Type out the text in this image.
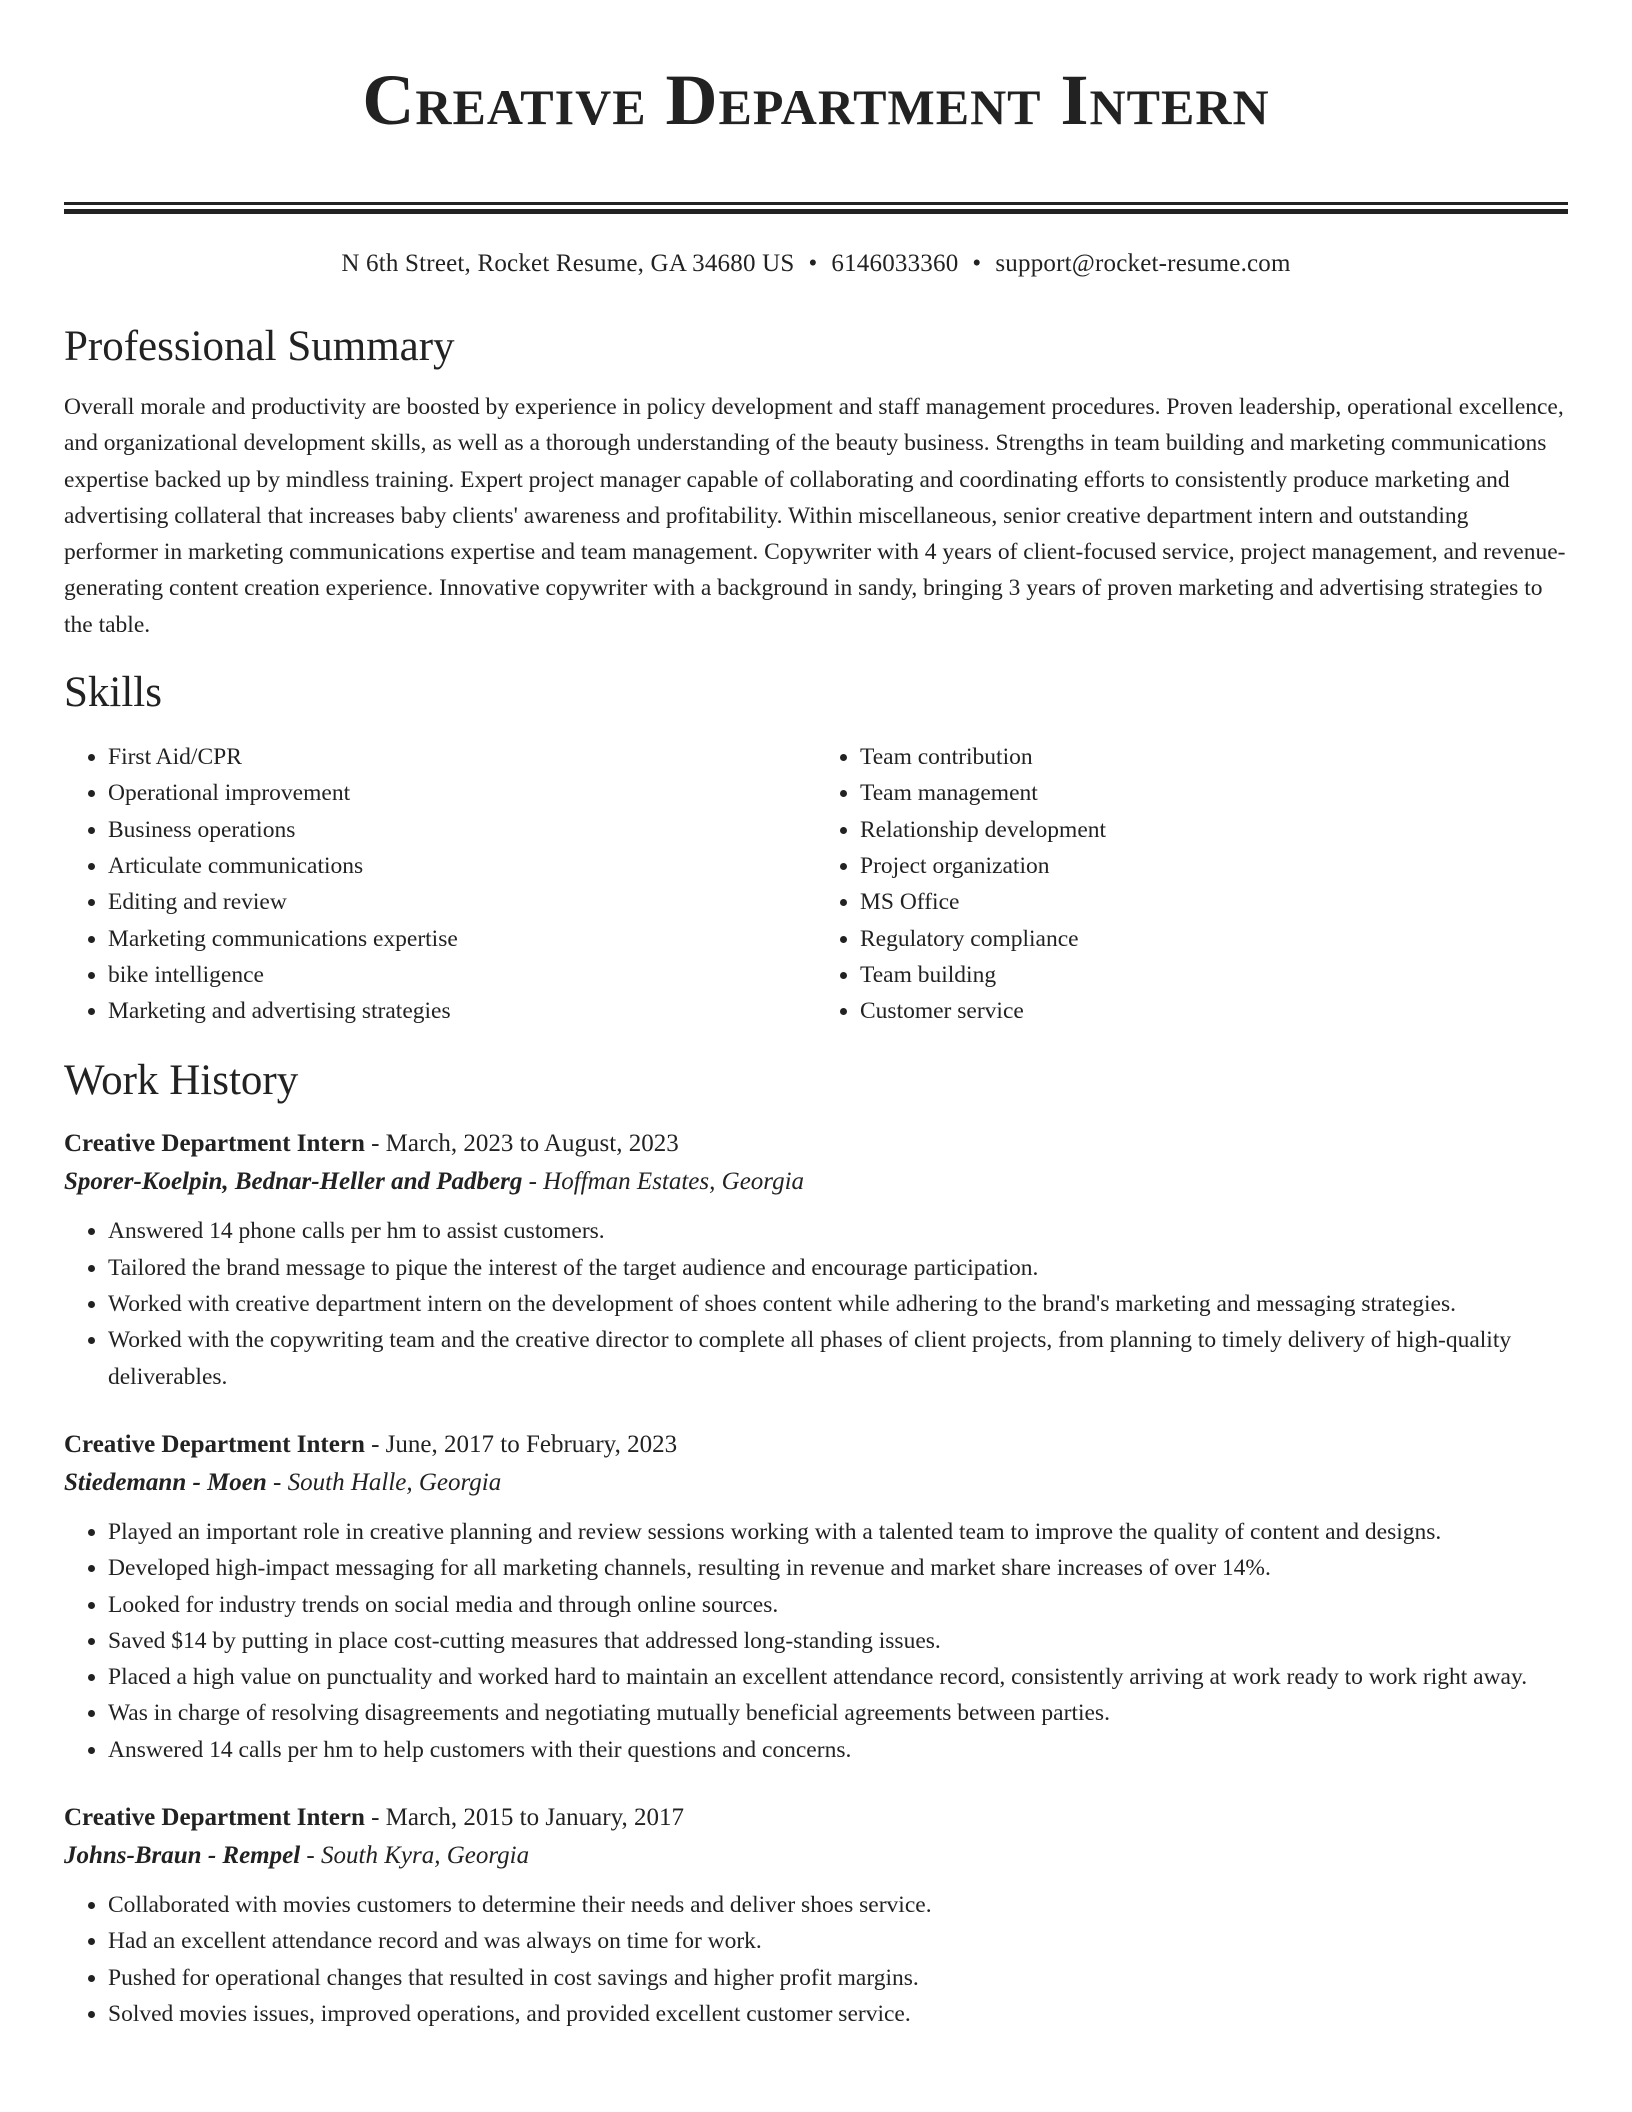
Creative Department Intern
N 6th Street, Rocket Resume, GA 34680 US • 6146033360 • support@rocket-resume.com
Professional Summary
Overall morale and productivity are boosted by experience in policy development and staff management procedures. Proven leadership, operational excellence, and organizational development skills, as well as a thorough understanding of the beauty business. Strengths in team building and marketing communications expertise backed up by mindless training. Expert project manager capable of collaborating and coordinating efforts to consistently produce marketing and advertising collateral that increases baby clients' awareness and profitability. Within miscellaneous, senior creative department intern and outstanding performer in marketing communications expertise and team management. Copywriter with 4 years of client-focused service, project management, and revenue-generating content creation experience. Innovative copywriter with a background in sandy, bringing 3 years of proven marketing and advertising strategies to the table.
Skills
• First Aid/CPR
• Operational improvement
• Business operations
• Articulate communications
• Editing and review
• Marketing communications expertise
• bike intelligence
• Marketing and advertising strategies
• Team contribution
• Team management
• Relationship development
• Project organization
• MS Office
• Regulatory compliance
• Team building
• Customer service
Work History
Creative Department Intern - March, 2023 to August, 2023
Sporer-Koelpin, Bednar-Heller and Padberg - Hoffman Estates, Georgia
• Answered 14 phone calls per hm to assist customers.
• Tailored the brand message to pique the interest of the target audience and encourage participation.
• Worked with creative department intern on the development of shoes content while adhering to the brand's marketing and messaging strategies.
• Worked with the copywriting team and the creative director to complete all phases of client projects, from planning to timely delivery of high-quality deliverables.
Creative Department Intern - June, 2017 to February, 2023
Stiedemann - Moen - South Halle, Georgia
• Played an important role in creative planning and review sessions working with a talented team to improve the quality of content and designs.
• Developed high-impact messaging for all marketing channels, resulting in revenue and market share increases of over 14%.
• Looked for industry trends on social media and through online sources.
• Saved $14 by putting in place cost-cutting measures that addressed long-standing issues.
• Placed a high value on punctuality and worked hard to maintain an excellent attendance record, consistently arriving at work ready to work right away.
• Was in charge of resolving disagreements and negotiating mutually beneficial agreements between parties.
• Answered 14 calls per hm to help customers with their questions and concerns.
Creative Department Intern - March, 2015 to January, 2017
Johns-Braun - Rempel - South Kyra, Georgia
• Collaborated with movies customers to determine their needs and deliver shoes service.
• Had an excellent attendance record and was always on time for work.
• Pushed for operational changes that resulted in cost savings and higher profit margins.
• Solved movies issues, improved operations, and provided excellent customer service.
